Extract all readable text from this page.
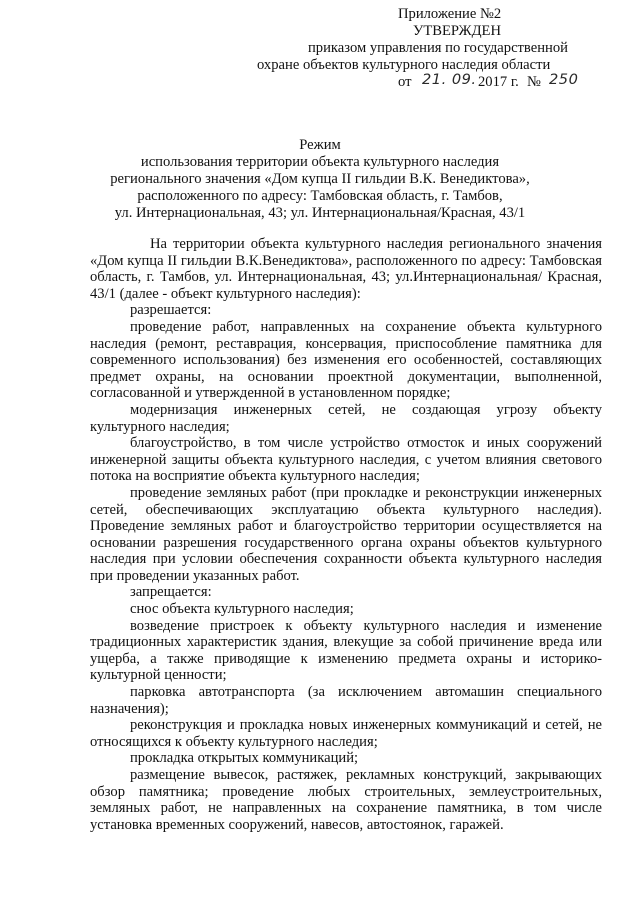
Приложение №2
УТВЕРЖДЕН
приказом управления по государственной
охране объектов культурного наследия области
от 21. 09. 2017 г. № 250
Режим
использования территории объекта культурного наследия
регионального значения «Дом купца II гильдии В.К. Венедиктова»,
расположенного по адресу: Тамбовская область, г. Тамбов,
ул. Интернациональная, 43; ул. Интернациональная/Красная, 43/1

На территории объекта культурного наследия регионального значения «Дом купца II гильдии В.К.Венедиктова», расположенного по адресу: Тамбовская область, г. Тамбов, ул. Интернациональная, 43; ул.Интернациональная/ Красная, 43/1 (далее - объект культурного наследия):

разрешается:

проведение работ, направленных на сохранение объекта культурного наследия (ремонт, реставрация, консервация, приспособление памятника для современного использования) без изменения его особенностей, составляющих предмет охраны, на основании проектной документации, выполненной, согласованной и утвержденной в установленном порядке;

модернизация инженерных сетей, не создающая угрозу объекту культурного наследия;

благоустройство, в том числе устройство отмосток и иных сооружений инженерной защиты объекта культурного наследия, с учетом влияния светового потока на восприятие объекта культурного наследия;

проведение земляных работ (при прокладке и реконструкции инженерных сетей, обеспечивающих эксплуатацию объекта культурного наследия). Проведение земляных работ и благоустройство территории осуществляется на основании разрешения государственного органа охраны объектов культурного наследия при условии обеспечения сохранности объекта культурного наследия при проведении указанных работ.

запрещается:

снос объекта культурного наследия;

возведение пристроек к объекту культурного наследия и изменение традиционных характеристик здания, влекущие за собой причинение вреда или ущерба, а также приводящие к изменению предмета охраны и историко-культурной ценности;

парковка автотранспорта (за исключением автомашин специального назначения);

реконструкция и прокладка новых инженерных коммуникаций и сетей, не относящихся к объекту культурного наследия;

прокладка открытых коммуникаций;

размещение вывесок, растяжек, рекламных конструкций, закрывающих обзор памятника; проведение любых строительных, землеустроительных, земляных работ, не направленных на сохранение памятника, в том числе установка временных сооружений, навесов, автостоянок, гаражей.
